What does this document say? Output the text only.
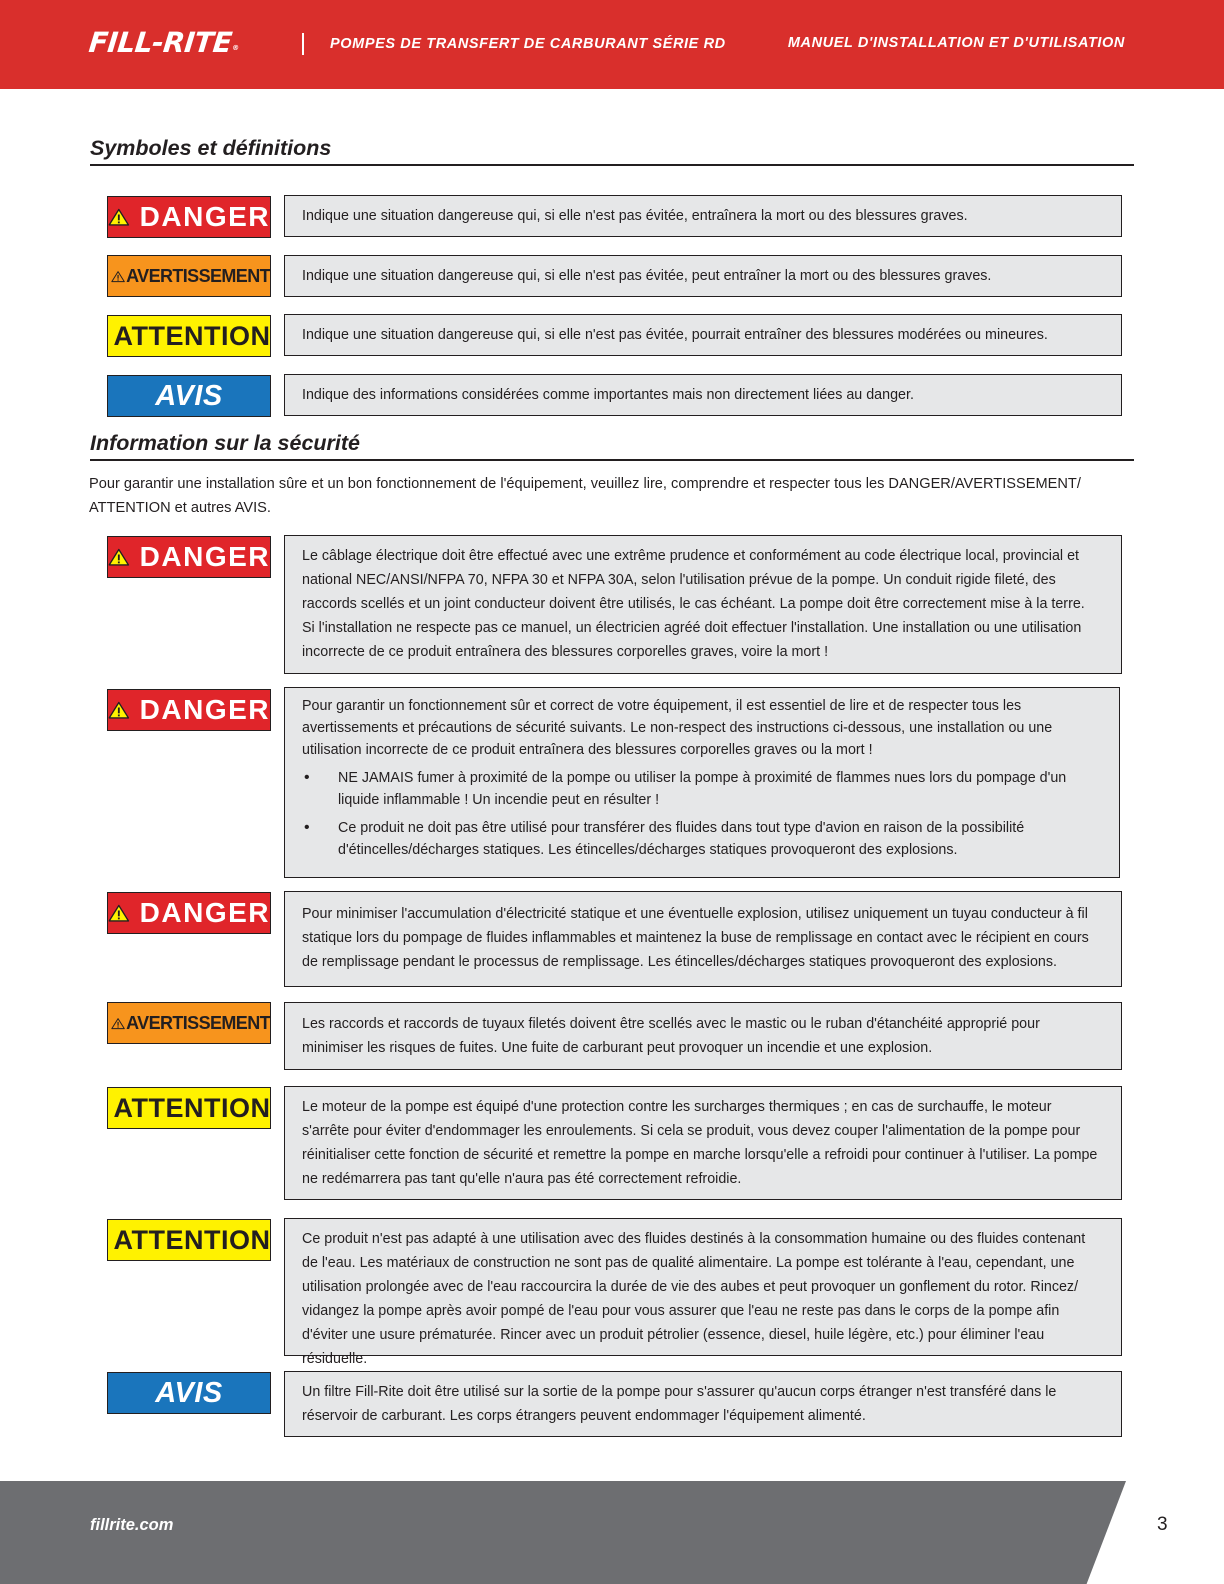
FILL-RITE®	POMPES DE TRANSFERT DE CARBURANT SÉRIE RD	MANUEL D'INSTALLATION ET D'UTILISATION
Symboles et définitions
DANGER	Indique une situation dangereuse qui, si elle n'est pas évitée, entraînera la mort ou des blessures graves.
AVERTISSEMENT	Indique une situation dangereuse qui, si elle n'est pas évitée, peut entraîner la mort ou des blessures graves.
ATTENTION	Indique une situation dangereuse qui, si elle n'est pas évitée, pourrait entraîner des blessures modérées ou mineures.
AVIS	Indique des informations considérées comme importantes mais non directement liées au danger.
Information sur la sécurité
Pour garantir une installation sûre et un bon fonctionnement de l'équipement, veuillez lire, comprendre et respecter tous les DANGER/AVERTISSEMENT/ ATTENTION et autres AVIS.
DANGER Le câblage électrique doit être effectué avec une extrême prudence et conformément au code électrique local, provincial et national NEC/ANSI/NFPA 70, NFPA 30 et NFPA 30A, selon l'utilisation prévue de la pompe. Un conduit rigide fileté, des raccords scellés et un joint conducteur doivent être utilisés, le cas échéant. La pompe doit être correctement mise à la terre. Si l'installation ne respecte pas ce manuel, un électricien agréé doit effectuer l'installation. Une installation ou une utilisation incorrecte de ce produit entraînera des blessures corporelles graves, voire la mort !
DANGER Pour garantir un fonctionnement sûr et correct de votre équipement, il est essentiel de lire et de respecter tous les avertissements et précautions de sécurité suivants. Le non-respect des instructions ci-dessous, une installation ou une utilisation incorrecte de ce produit entraînera des blessures corporelles graves ou la mort !
• NE JAMAIS fumer à proximité de la pompe ou utiliser la pompe à proximité de flammes nues lors du pompage d'un liquide inflammable ! Un incendie peut en résulter !
• Ce produit ne doit pas être utilisé pour transférer des fluides dans tout type d'avion en raison de la possibilité d'étincelles/décharges statiques. Les étincelles/décharges statiques provoqueront des explosions.
DANGER Pour minimiser l'accumulation d'électricité statique et une éventuelle explosion, utilisez uniquement un tuyau conducteur à fil statique lors du pompage de fluides inflammables et maintenez la buse de remplissage en contact avec le récipient en cours de remplissage pendant le processus de remplissage. Les étincelles/décharges statiques provoqueront des explosions.
AVERTISSEMENT Les raccords et raccords de tuyaux filetés doivent être scellés avec le mastic ou le ruban d'étanchéité approprié pour minimiser les risques de fuites. Une fuite de carburant peut provoquer un incendie et une explosion.
ATTENTION Le moteur de la pompe est équipé d'une protection contre les surcharges thermiques ; en cas de surchauffe, le moteur s'arrête pour éviter d'endommager les enroulements. Si cela se produit, vous devez couper l'alimentation de la pompe pour réinitialiser cette fonction de sécurité et remettre la pompe en marche lorsqu'elle a refroidi pour continuer à l'utiliser. La pompe ne redémarrera pas tant qu'elle n'aura pas été correctement refroidie.
ATTENTION Ce produit n'est pas adapté à une utilisation avec des fluides destinés à la consommation humaine ou des fluides contenant de l'eau. Les matériaux de construction ne sont pas de qualité alimentaire. La pompe est tolérante à l'eau, cependant, une utilisation prolongée avec de l'eau raccourcira la durée de vie des aubes et peut provoquer un gonflement du rotor. Rincez/ vidangez la pompe après avoir pompé de l'eau pour vous assurer que l'eau ne reste pas dans le corps de la pompe afin d'éviter une usure prématurée. Rincer avec un produit pétrolier (essence, diesel, huile légère, etc.) pour éliminer l'eau résiduelle.
AVIS	Un filtre Fill-Rite doit être utilisé sur la sortie de la pompe pour s'assurer qu'aucun corps étranger n'est transféré dans le réservoir de carburant. Les corps étrangers peuvent endommager l'équipement alimenté.
fillrite.com	3
